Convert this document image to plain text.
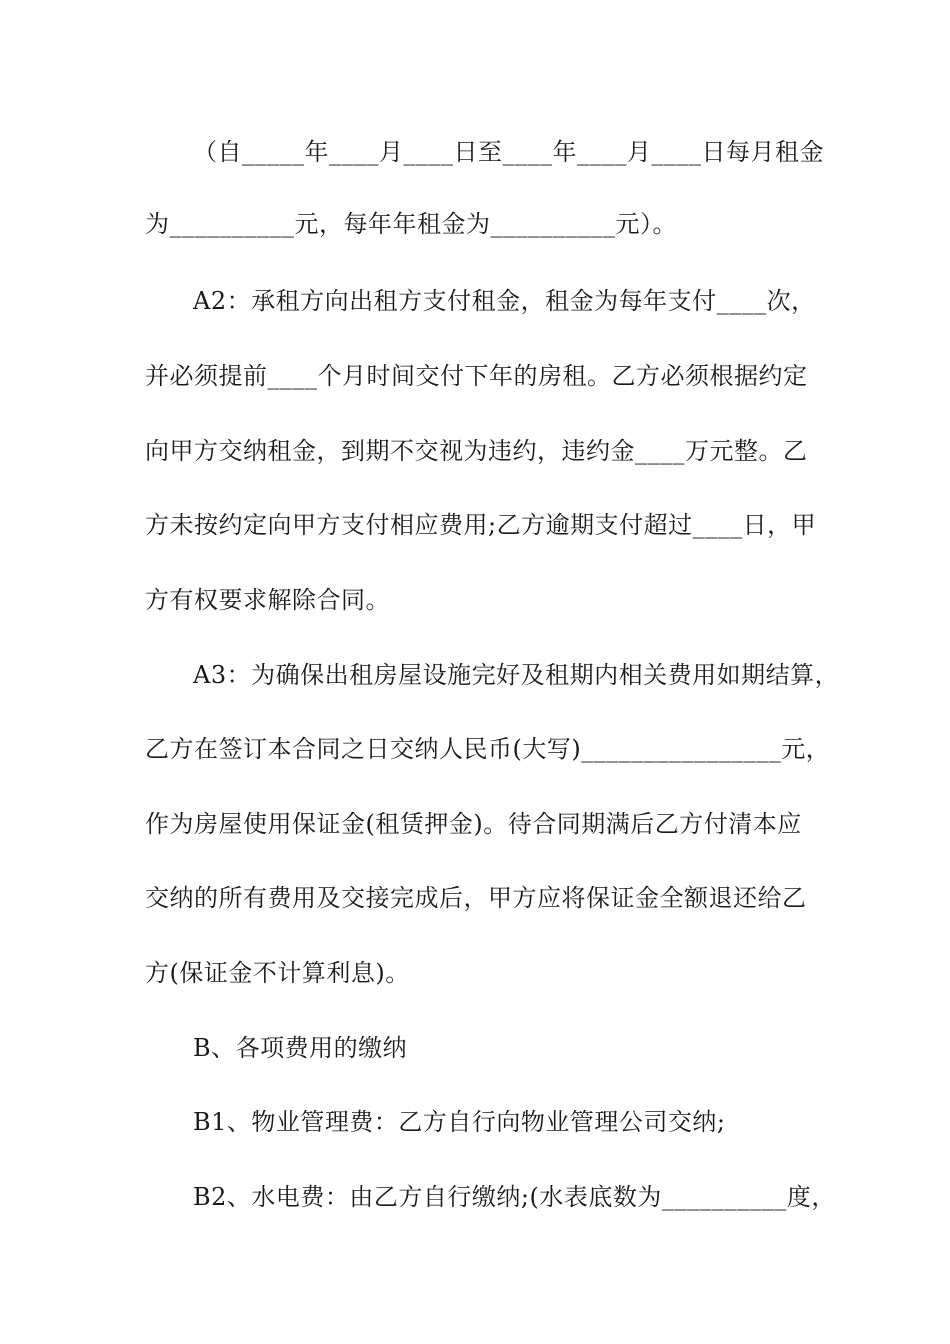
（自_____年____月____日至____年____月____日每月租金
为__________元，每年年租金为__________元）。
A2：承租方向出租方支付租金，租金为每年支付____次，
并必须提前____个月时间交付下年的房租。乙方必须根据约定
向甲方交纳租金，到期不交视为违约，违约金____万元整。乙
方未按约定向甲方支付相应费用;乙方逾期支付超过____日，甲
方有权要求解除合同。
A3：为确保出租房屋设施完好及租期内相关费用如期结算，
乙方在签订本合同之日交纳人民币(大写)________________元，
作为房屋使用保证金(租赁押金)。待合同期满后乙方付清本应
交纳的所有费用及交接完成后，甲方应将保证金全额退还给乙
方(保证金不计算利息)。
B、各项费用的缴纳
B1、物业管理费：乙方自行向物业管理公司交纳;
B2、水电费：由乙方自行缴纳;(水表底数为__________度，
